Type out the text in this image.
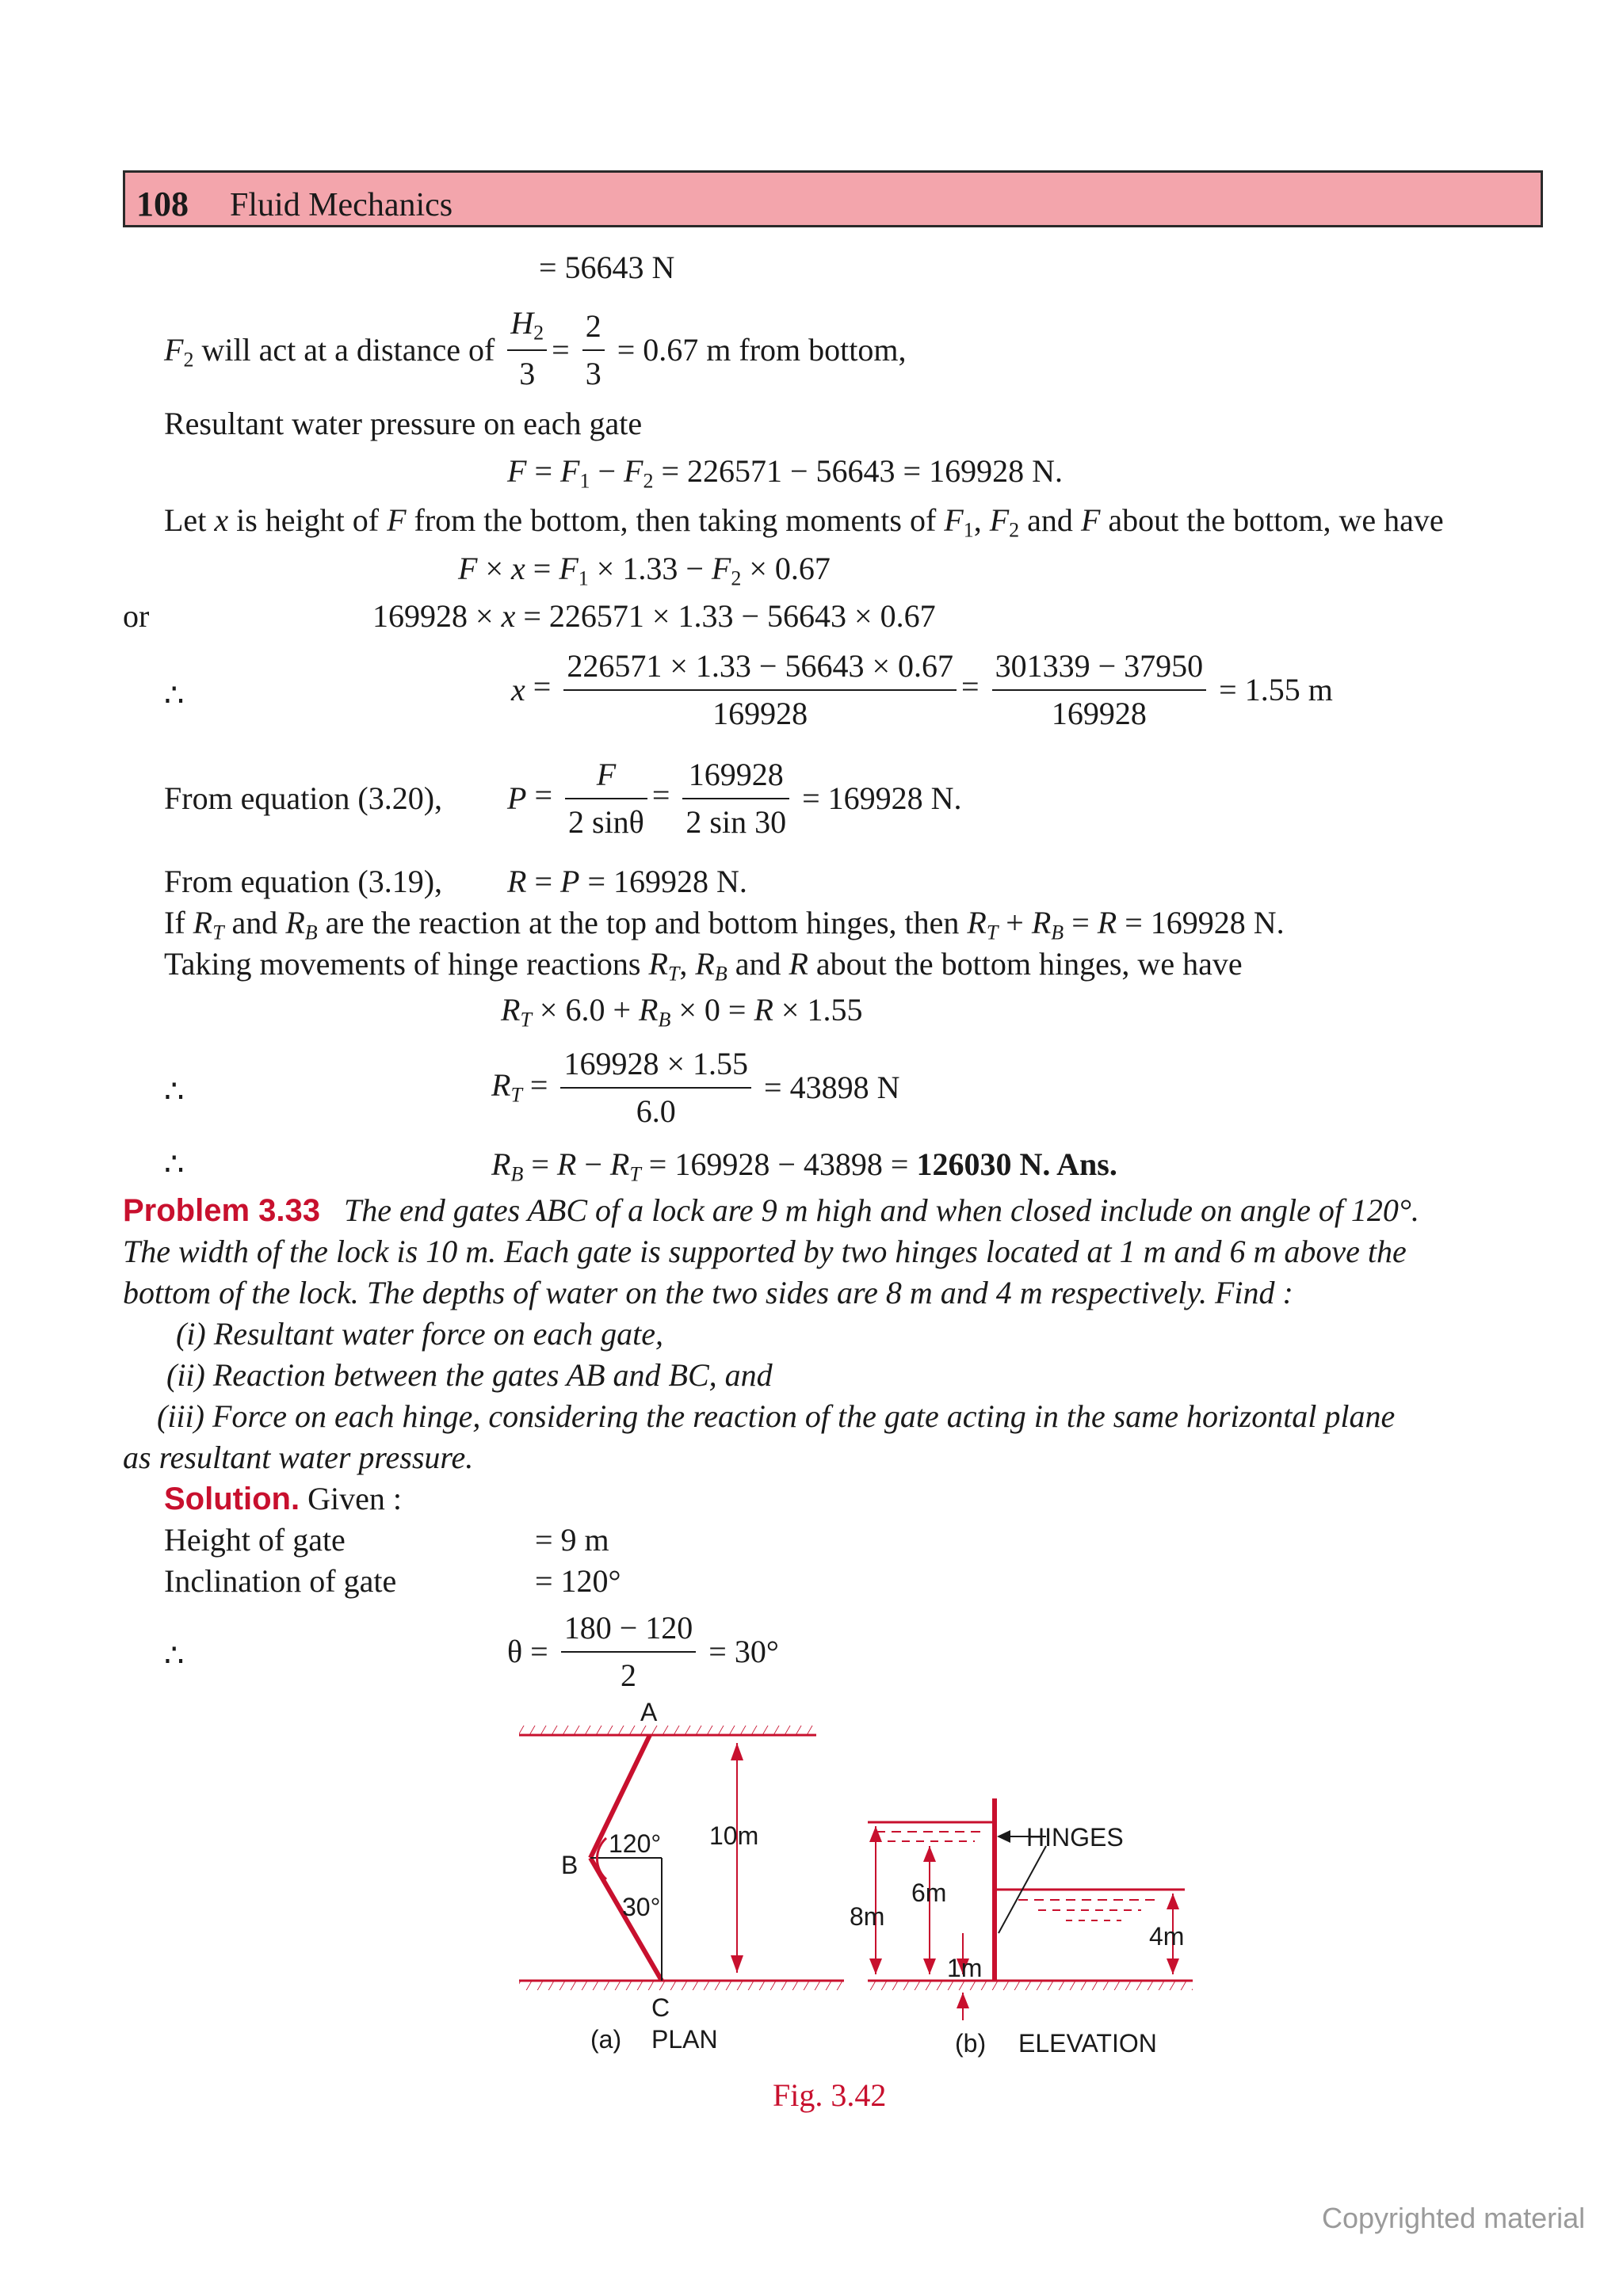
108 Fluid Mechanics
= 56643 N
F2 will act at a distance of $\frac{H2}{3} = \frac{2}{3} = 0.67$ m from bottom,
Resultant water pressure on each gate
F = F1 − F2 = 226571 − 56643 = 169928 N.
Let x is height of F from the bottom, then taking moments of F1, F2 and F about the bottom, we have
F × x = F1 × 1.33 − F2 × 0.67
or	169928 × x = 226571 × 1.33 − 56643 × 0.67
∴	$x = \frac{226571 \times 1.33 - 56643 \times 0.67}{169928} = \frac{301339 - 37950}{169928} = 1.55$ m
From equation (3.20), $P = \frac{F}{2 \sin\theta} = \frac{169928}{2 \sin 30} = 169928$ N.
From equation (3.19), R = P = 169928 N.
If $R_T$ and $R_B$ are the reaction at the top and bottom hinges, then $R_T + R_B = R = 169928$ N.
Taking movements of hinge reactions $R_T$, $R_B$ and R about the bottom hinges, we have
$R_T \times 6.0 + R_B \times 0 = R \times 1.55$
∴	$R_T = \frac{169928 \times 1.55}{6.0} = 43898$ N
∴	$R_B = R - R_T = 169928 - 43898 = 126030$ N. Ans.
Problem 3.33 The end gates ABC of a lock are 9 m high and when closed include on angle of 120°.
The width of the lock is 10 m. Each gate is supported by two hinges located at 1 m and 6 m above the
bottom of the lock. The depths of water on the two sides are 8 m and 4 m respectively. Find :
(i) Resultant water force on each gate,
(ii) Reaction between the gates AB and BC, and
(iii) Force on each hinge, considering the reaction of the gate acting in the same horizontal plane
as resultant water pressure.
Solution. Given :
Height of gate	= 9 m
Inclination of gate	= 120°
∴	$\theta = \frac{180 - 120}{2} = 30^\circ$
A
B
C
120°
30°
10m
(a) PLAN
HINGES
8m
6m
1m
4m
(b) ELEVATION
Fig. 3.42
Copyrighted material
